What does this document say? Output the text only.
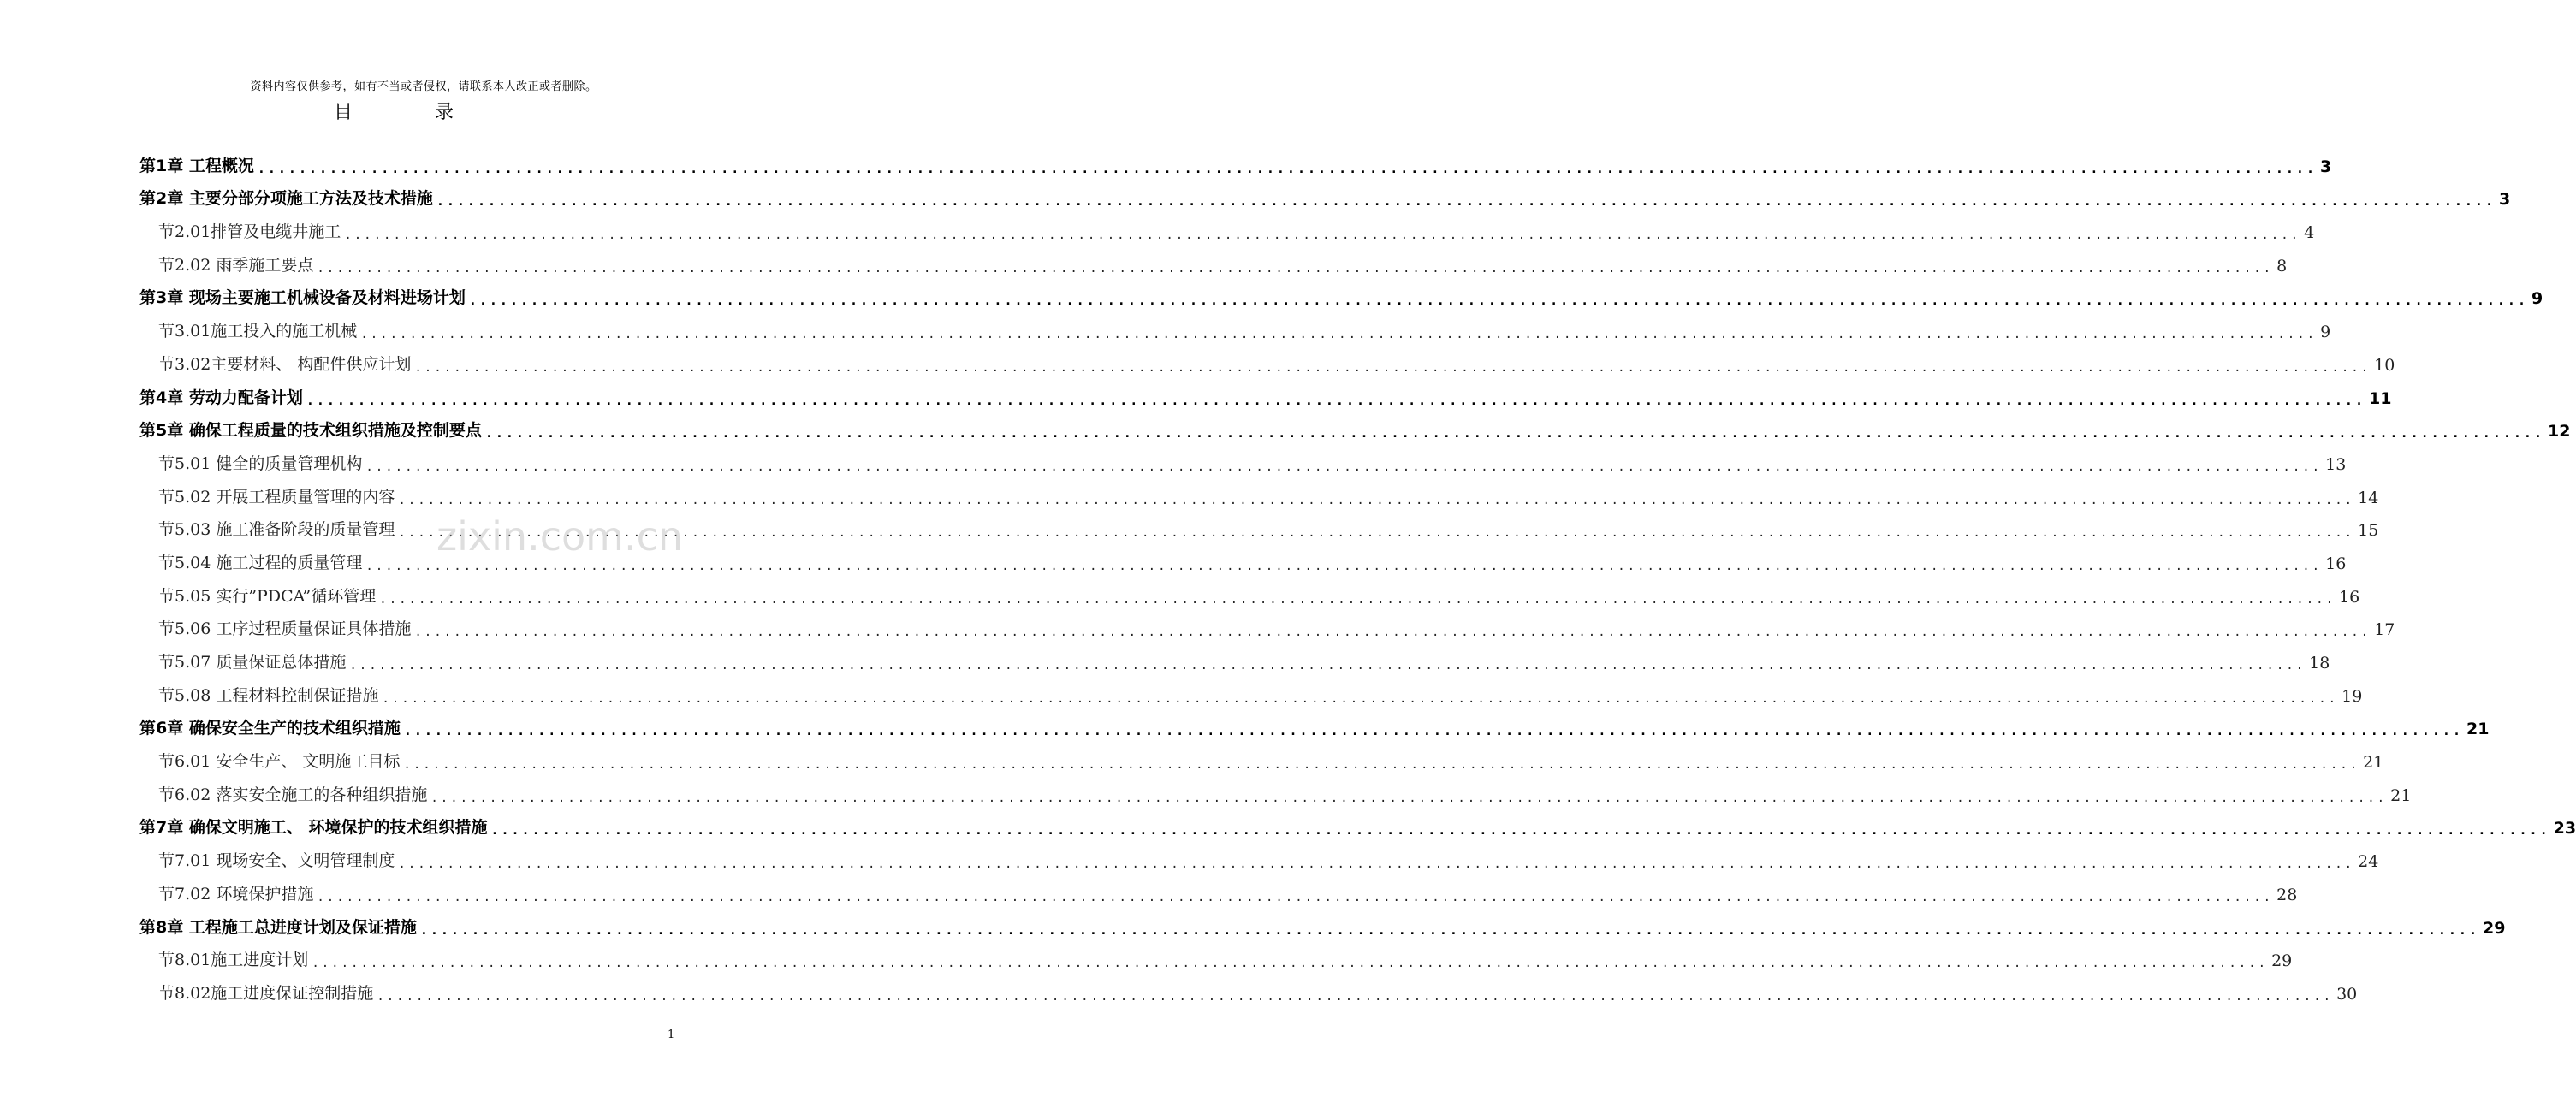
资料内容仅供参考，如有不当或者侵权，请联系本人改正或者删除。
目	录
第1章 工程概况 ........................................................................................................................................................................................................ 3
第2章 主要分部分项施工方法及技术措施 ........................................................................................................................................................................................................ 3
节2.01排管及电缆井施工 ........................................................................................................................................................................................................ 4
节2.02 雨季施工要点 ........................................................................................................................................................................................................ 8
第3章 现场主要施工机械设备及材料进场计划 ........................................................................................................................................................................................................ 9
节3.01施工投入的施工机械 ........................................................................................................................................................................................................ 9
节3.02主要材料、 构配件供应计划 ........................................................................................................................................................................................................ 10
第4章 劳动力配备计划 ........................................................................................................................................................................................................ 11
第5章 确保工程质量的技术组织措施及控制要点 ........................................................................................................................................................................................................ 12
节5.01 健全的质量管理机构 ........................................................................................................................................................................................................ 13
节5.02 开展工程质量管理的内容 ........................................................................................................................................................................................................ 14
节5.03 施工准备阶段的质量管理 ........................................................................................................................................................................................................ 15
节5.04 施工过程的质量管理 ........................................................................................................................................................................................................ 16
节5.05 实行”PDCA”循环管理 ........................................................................................................................................................................................................ 16
节5.06 工序过程质量保证具体措施 ........................................................................................................................................................................................................ 17
节5.07 质量保证总体措施 ........................................................................................................................................................................................................ 18
节5.08 工程材料控制保证措施 ........................................................................................................................................................................................................ 19
第6章 确保安全生产的技术组织措施 ........................................................................................................................................................................................................ 21
节6.01 安全生产、 文明施工目标 ........................................................................................................................................................................................................ 21
节6.02 落实安全施工的各种组织措施 ........................................................................................................................................................................................................ 21
第7章 确保文明施工、 环境保护的技术组织措施 ........................................................................................................................................................................................................ 23
节7.01 现场安全、文明管理制度 ........................................................................................................................................................................................................ 24
节7.02 环境保护措施 ........................................................................................................................................................................................................ 28
第8章 工程施工总进度计划及保证措施 ........................................................................................................................................................................................................ 29
节8.01施工进度计划 ........................................................................................................................................................................................................ 29
节8.02施工进度保证控制措施 ........................................................................................................................................................................................................ 30
zixin.com.cn
1
